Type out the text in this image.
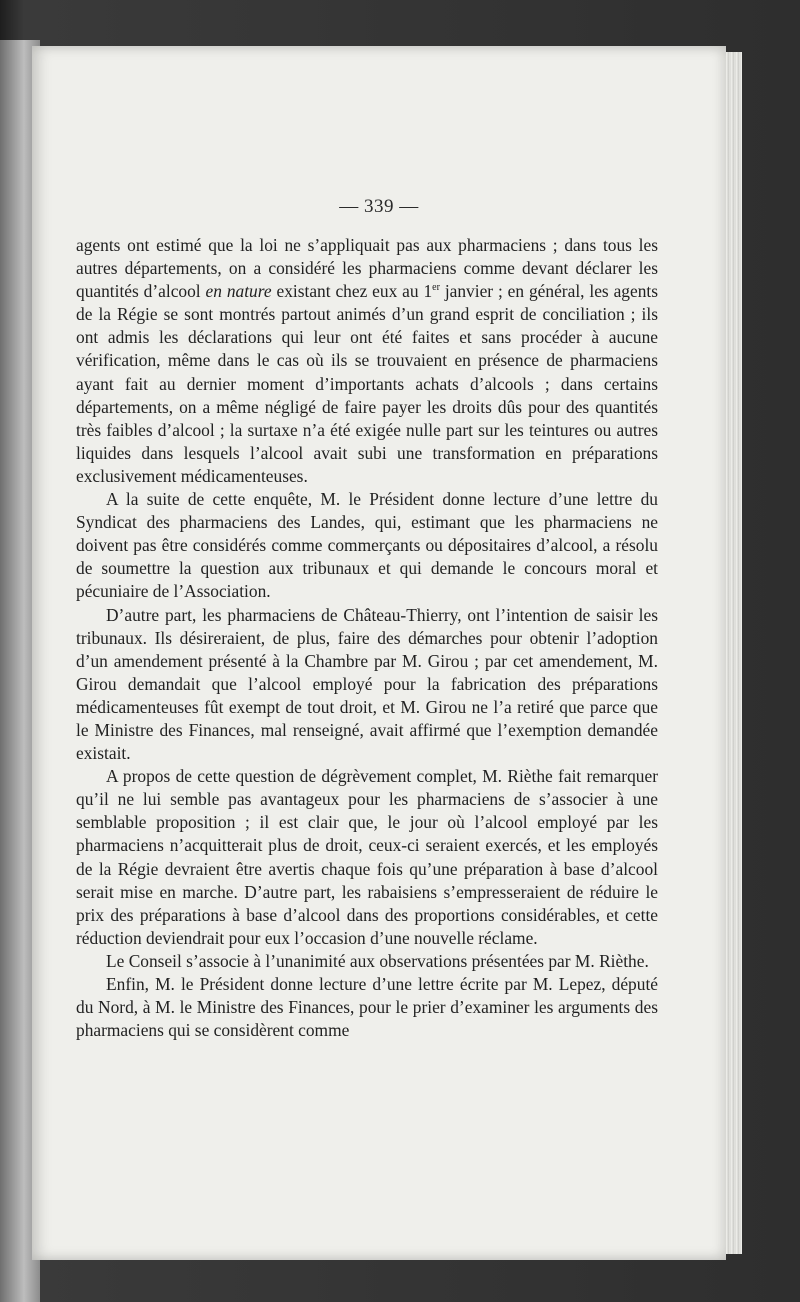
— 339 —

agents ont estimé que la loi ne s’appliquait pas aux pharmaciens ; dans tous les autres départements, on a considéré les pharmaciens comme devant déclarer les quantités d’alcool en nature existant chez eux au 1er janvier ; en général, les agents de la Régie se sont montrés partout animés d’un grand esprit de conciliation ; ils ont admis les déclarations qui leur ont été faites et sans procéder à aucune vérification, même dans le cas où ils se trouvaient en présence de pharmaciens ayant fait au dernier moment d’importants achats d’alcools ; dans certains départements, on a même négligé de faire payer les droits dûs pour des quantités très faibles d’alcool ; la surtaxe n’a été exigée nulle part sur les teintures ou autres liquides dans lesquels l’alcool avait subi une transformation en préparations exclusivement médicamenteuses.

A la suite de cette enquête, M. le Président donne lecture d’une lettre du Syndicat des pharmaciens des Landes, qui, estimant que les pharmaciens ne doivent pas être considérés comme commerçants ou dépositaires d’alcool, a résolu de soumettre la question aux tribunaux et qui demande le concours moral et pécuniaire de l’Association.

D’autre part, les pharmaciens de Château-Thierry, ont l’intention de saisir les tribunaux. Ils désireraient, de plus, faire des démarches pour obtenir l’adoption d’un amendement présenté à la Chambre par M. Girou ; par cet amendement, M. Girou demandait que l’alcool employé pour la fabrication des préparations médicamenteuses fût exempt de tout droit, et M. Girou ne l’a retiré que parce que le Ministre des Finances, mal renseigné, avait affirmé que l’exemption demandée existait.

A propos de cette question de dégrèvement complet, M. Rièthe fait remarquer qu’il ne lui semble pas avantageux pour les pharmaciens de s’associer à une semblable proposition ; il est clair que, le jour où l’alcool employé par les pharmaciens n’acquitterait plus de droit, ceux-ci seraient exercés, et les employés de la Régie devraient être avertis chaque fois qu’une préparation à base d’alcool serait mise en marche. D’autre part, les rabaisiens s’empresseraient de réduire le prix des préparations à base d’alcool dans des proportions considérables, et cette réduction deviendrait pour eux l’occasion d’une nouvelle réclame.

Le Conseil s’associe à l’unanimité aux observations présentées par M. Rièthe.

Enfin, M. le Président donne lecture d’une lettre écrite par M. Lepez, député du Nord, à M. le Ministre des Finances, pour le prier d’examiner les arguments des pharmaciens qui se considèrent comme
